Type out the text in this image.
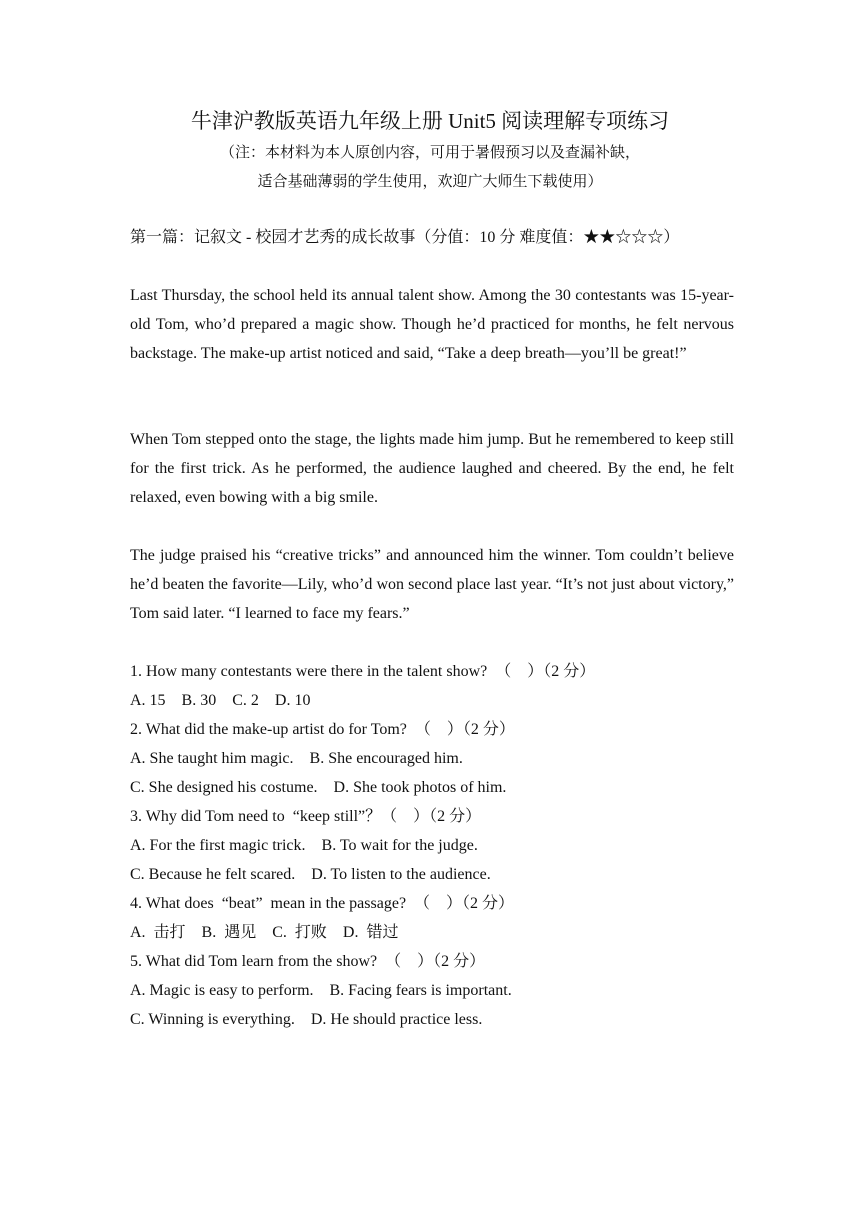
牛津沪教版英语九年级上册 Unit5 阅读理解专项练习
（注：本材料为本人原创内容，可用于暑假预习以及查漏补缺，
适合基础薄弱的学生使用，欢迎广大师生下载使用）
第一篇：记叙文 - 校园才艺秀的成长故事（分值：10 分 难度值：★★☆☆☆）
Last Thursday, the school held its annual talent show. Among the 30 contestants was 15-year-old Tom, who’d prepared a magic show. Though he’d practiced for months, he felt nervous backstage. The make-up artist noticed and said, “Take a deep breath—you’ll be great!”
When Tom stepped onto the stage, the lights made him jump. But he remembered to keep still for the first trick. As he performed, the audience laughed and cheered. By the end, he felt relaxed, even bowing with a big smile.
The judge praised his “creative tricks” and announced him the winner. Tom couldn’t believe he’d beaten the favorite—Lily, who’d won second place last year. “It’s not just about victory,” Tom said later. “I learned to face my fears.”
1. How many contestants were there in the talent show?  （    ）（2 分）
A. 15    B. 30    C. 2    D. 10
2. What did the make-up artist do for Tom?  （    ）（2 分）
A. She taught him magic.    B. She encouraged him.
C. She designed his costume.    D. She took photos of him.
3. Why did Tom need to  “keep still”？（    ）（2 分）
A. For the first magic trick.    B. To wait for the judge.
C. Because he felt scared.    D. To listen to the audience.
4. What does  “beat”  mean in the passage?  （    ）（2 分）
A.  击打    B.  遇见    C.  打败    D.  错过
5. What did Tom learn from the show?  （    ）（2 分）
A. Magic is easy to perform.    B. Facing fears is important.
C. Winning is everything.    D. He should practice less.
